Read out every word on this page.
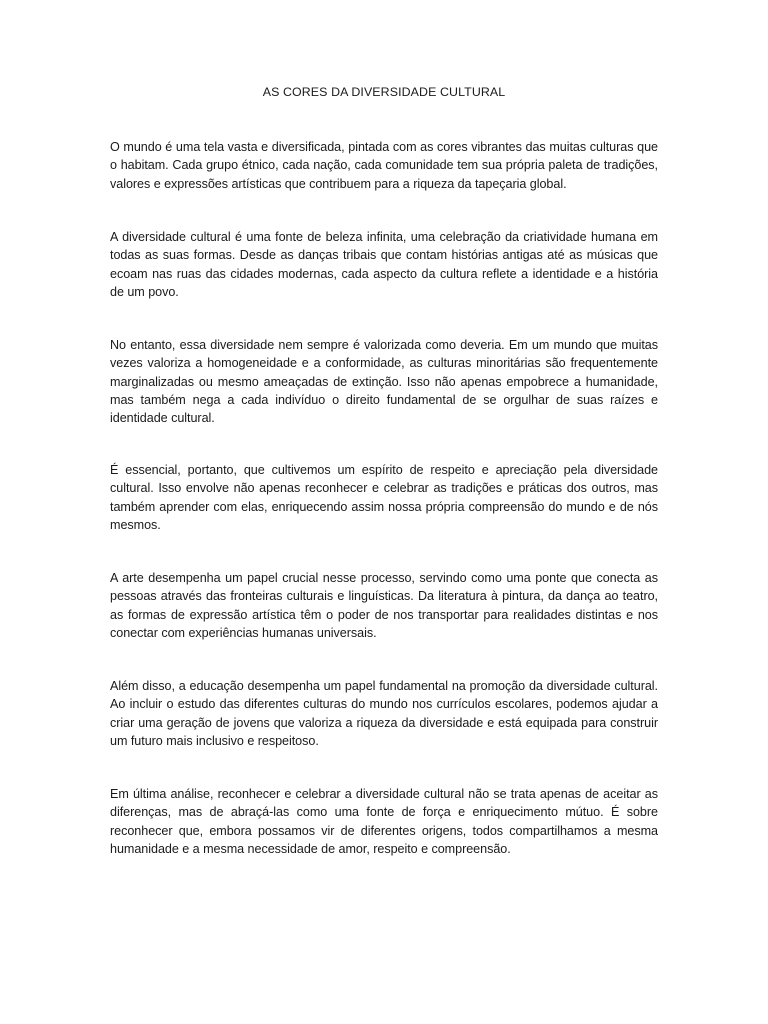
AS CORES DA DIVERSIDADE CULTURAL

O mundo é uma tela vasta e diversificada, pintada com as cores vibrantes das muitas culturas que o habitam. Cada grupo étnico, cada nação, cada comunidade tem sua própria paleta de tradições, valores e expressões artísticas que contribuem para a riqueza da tapeçaria global.

A diversidade cultural é uma fonte de beleza infinita, uma celebração da criatividade humana em todas as suas formas. Desde as danças tribais que contam histórias antigas até as músicas que ecoam nas ruas das cidades modernas, cada aspecto da cultura reflete a identidade e a história de um povo.

No entanto, essa diversidade nem sempre é valorizada como deveria. Em um mundo que muitas vezes valoriza a homogeneidade e a conformidade, as culturas minoritárias são frequentemente marginalizadas ou mesmo ameaçadas de extinção. Isso não apenas empobrece a humanidade, mas também nega a cada indivíduo o direito fundamental de se orgulhar de suas raízes e identidade cultural.

É essencial, portanto, que cultivemos um espírito de respeito e apreciação pela diversidade cultural. Isso envolve não apenas reconhecer e celebrar as tradições e práticas dos outros, mas também aprender com elas, enriquecendo assim nossa própria compreensão do mundo e de nós mesmos.

A arte desempenha um papel crucial nesse processo, servindo como uma ponte que conecta as pessoas através das fronteiras culturais e linguísticas. Da literatura à pintura, da dança ao teatro, as formas de expressão artística têm o poder de nos transportar para realidades distintas e nos conectar com experiências humanas universais.

Além disso, a educação desempenha um papel fundamental na promoção da diversidade cultural. Ao incluir o estudo das diferentes culturas do mundo nos currículos escolares, podemos ajudar a criar uma geração de jovens que valoriza a riqueza da diversidade e está equipada para construir um futuro mais inclusivo e respeitoso.

Em última análise, reconhecer e celebrar a diversidade cultural não se trata apenas de aceitar as diferenças, mas de abraçá-las como uma fonte de força e enriquecimento mútuo. É sobre reconhecer que, embora possamos vir de diferentes origens, todos compartilhamos a mesma humanidade e a mesma necessidade de amor, respeito e compreensão.
